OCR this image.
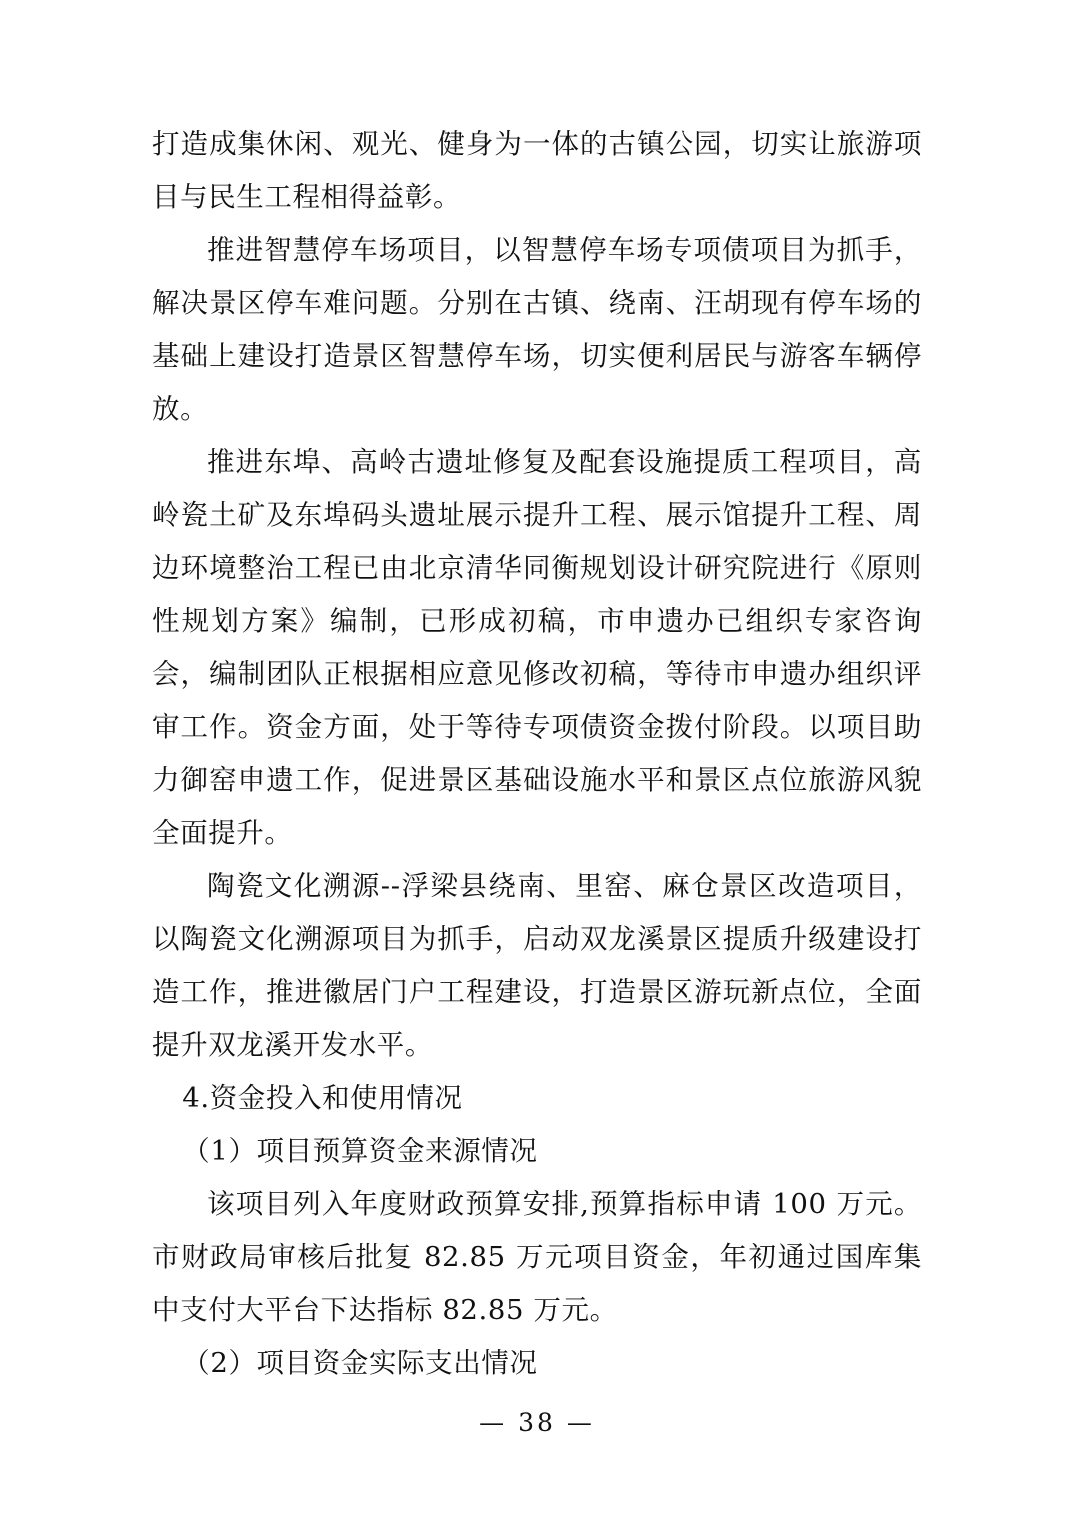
打造成集休闲、观光、健身为一体的古镇公园，切实让旅游项目与民生工程相得益彰。

推进智慧停车场项目，以智慧停车场专项债项目为抓手，解决景区停车难问题。分别在古镇、绕南、汪胡现有停车场的基础上建设打造景区智慧停车场，切实便利居民与游客车辆停放。

推进东埠、高岭古遗址修复及配套设施提质工程项目，高岭瓷土矿及东埠码头遗址展示提升工程、展示馆提升工程、周边环境整治工程已由北京清华同衡规划设计研究院进行《原则性规划方案》编制，已形成初稿，市申遗办已组织专家咨询会，编制团队正根据相应意见修改初稿，等待市申遗办组织评审工作。资金方面，处于等待专项债资金拨付阶段。以项目助力御窑申遗工作，促进景区基础设施水平和景区点位旅游风貌全面提升。

陶瓷文化溯源--浮梁县绕南、里窑、麻仓景区改造项目，以陶瓷文化溯源项目为抓手，启动双龙溪景区提质升级建设打造工作，推进徽居门户工程建设，打造景区游玩新点位，全面提升双龙溪开发水平。

4.资金投入和使用情况

（1）项目预算资金来源情况

该项目列入年度财政预算安排,预算指标申请 100 万元。市财政局审核后批复 82.85 万元项目资金，年初通过国库集中支付大平台下达指标 82.85 万元。

（2）项目资金实际支出情况

— 38 —
